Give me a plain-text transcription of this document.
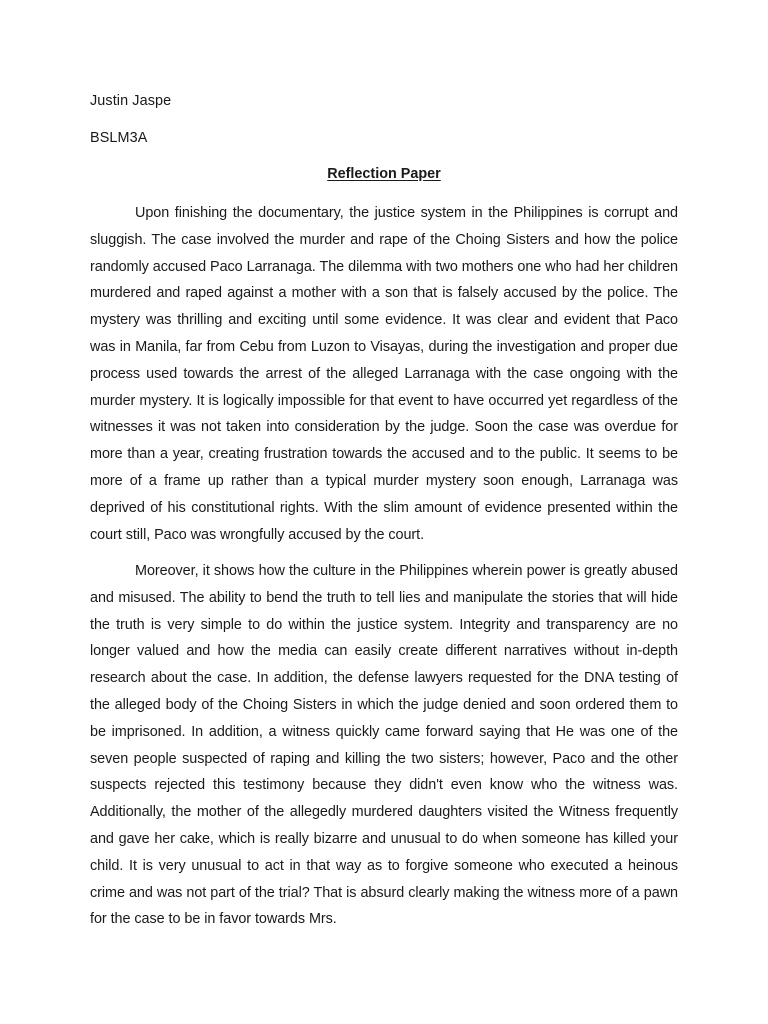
Justin Jaspe
BSLM3A
Reflection Paper

Upon finishing the documentary, the justice system in the Philippines is corrupt and sluggish. The case involved the murder and rape of the Choing Sisters and how the police randomly accused Paco Larranaga. The dilemma with two mothers one who had her children murdered and raped against a mother with a son that is falsely accused by the police. The mystery was thrilling and exciting until some evidence. It was clear and evident that Paco was in Manila, far from Cebu from Luzon to Visayas, during the investigation and proper due process used towards the arrest of the alleged Larranaga with the case ongoing with the murder mystery. It is logically impossible for that event to have occurred yet regardless of the witnesses it was not taken into consideration by the judge. Soon the case was overdue for more than a year, creating frustration towards the accused and to the public. It seems to be more of a frame up rather than a typical murder mystery soon enough, Larranaga was deprived of his constitutional rights. With the slim amount of evidence presented within the court still, Paco was wrongfully accused by the court.

Moreover, it shows how the culture in the Philippines wherein power is greatly abused and misused. The ability to bend the truth to tell lies and manipulate the stories that will hide the truth is very simple to do within the justice system. Integrity and transparency are no longer valued and how the media can easily create different narratives without in-depth research about the case. In addition, the defense lawyers requested for the DNA testing of the alleged body of the Choing Sisters in which the judge denied and soon ordered them to be imprisoned. In addition, a witness quickly came forward saying that He was one of the seven people suspected of raping and killing the two sisters; however, Paco and the other suspects rejected this testimony because they didn't even know who the witness was. Additionally, the mother of the allegedly murdered daughters visited the Witness frequently and gave her cake, which is really bizarre and unusual to do when someone has killed your child. It is very unusual to act in that way as to forgive someone who executed a heinous crime and was not part of the trial? That is absurd clearly making the witness more of a pawn for the case to be in favor towards Mrs.
